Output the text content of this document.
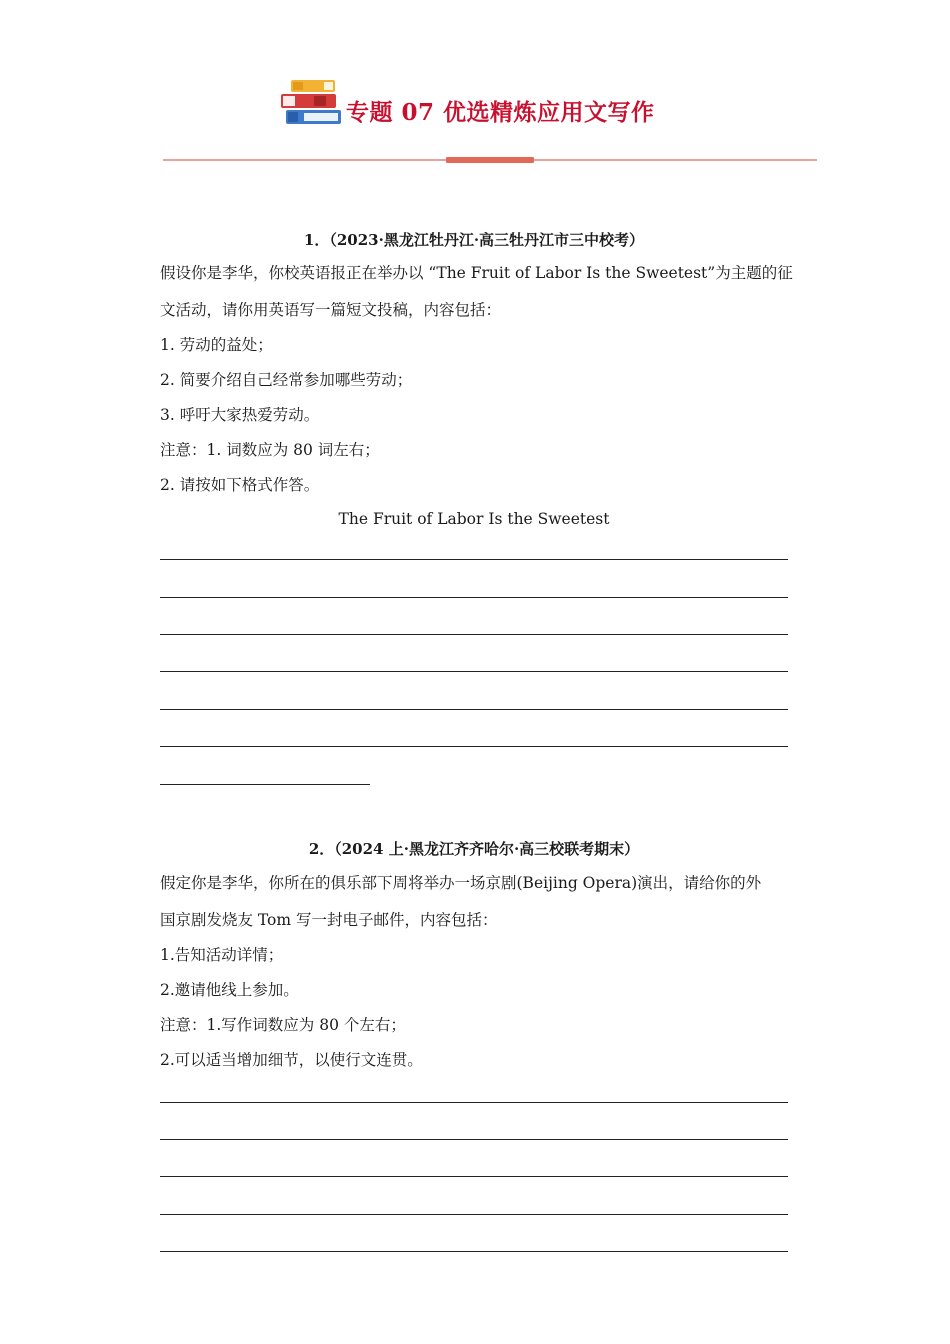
专题 07 优选精炼应用文写作
1．（2023·黑龙江牡丹江·高三牡丹江市三中校考）
假设你是李华，你校英语报正在举办以 “The Fruit of Labor Is the Sweetest”为主题的征
文活动，请你用英语写一篇短文投稿，内容包括：
1. 劳动的益处；
2. 简要介绍自己经常参加哪些劳动；
3. 呼吁大家热爱劳动。
注意：1. 词数应为 80 词左右；
2. 请按如下格式作答。
The Fruit of Labor Is the Sweetest
2．（2024 上·黑龙江齐齐哈尔·高三校联考期末）
假定你是李华，你所在的俱乐部下周将举办一场京剧(Beijing Opera)演出，请给你的外
国京剧发烧友 Tom 写一封电子邮件，内容包括：
1.告知活动详情；
2.邀请他线上参加。
注意：1.写作词数应为 80 个左右；
2.可以适当增加细节，以使行文连贯。
